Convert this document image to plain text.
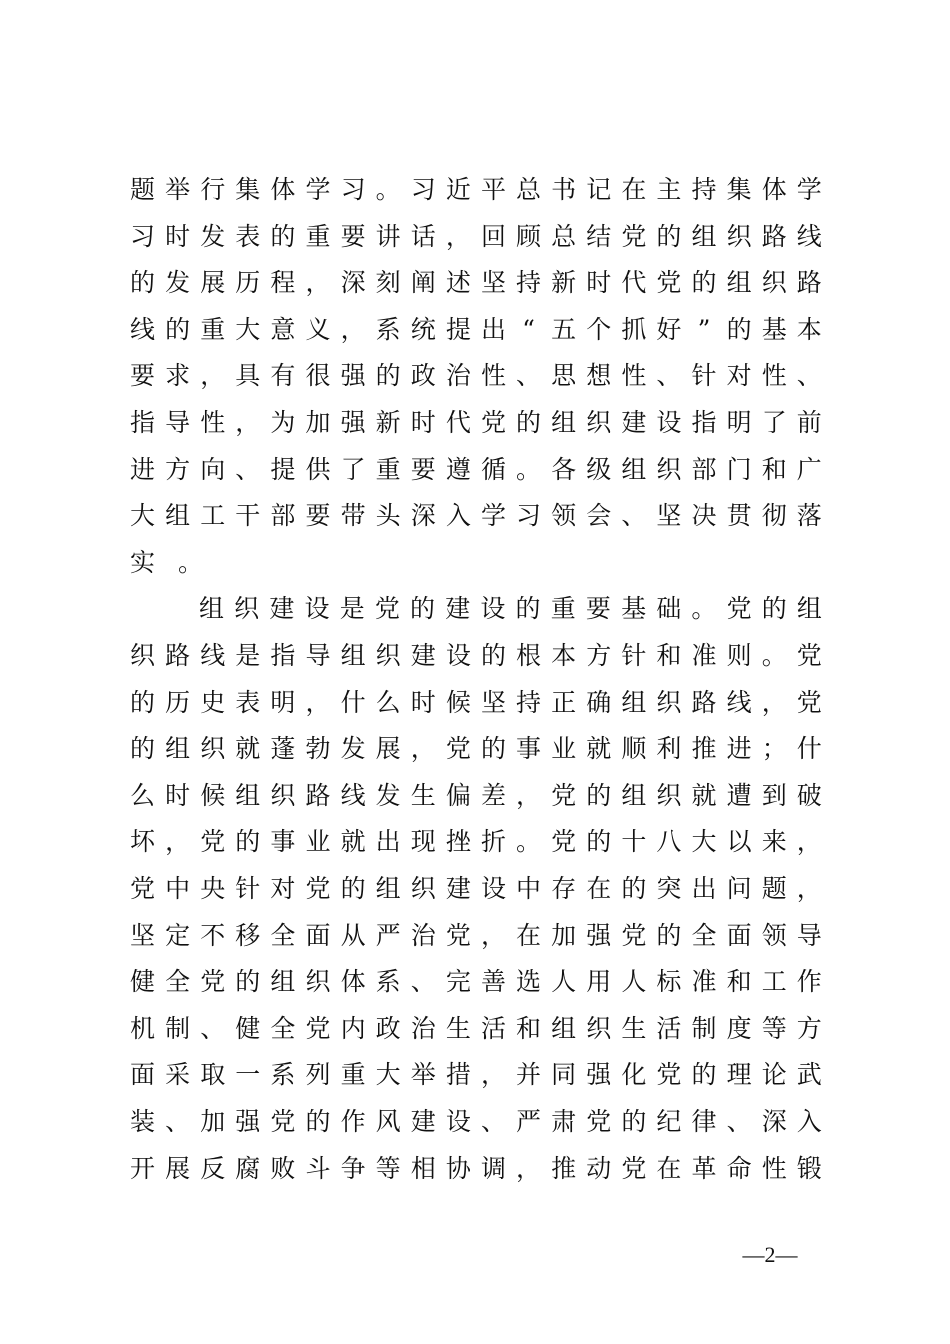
题 举 行 集 体 学 习 。 习 近 平 总 书 记 在 主 持 集 体 学
习 时 发 表 的 重 要 讲 话 ， 回 顾 总 结 党 的 组 织 路 线
的 发 展 历 程 ， 深 刻 阐 述 坚 持 新 时 代 党 的 组 织 路
线 的 重 大 意 义 ， 系 统 提 出 “ 五 个 抓 好 ” 的 基 本
要 求 ， 具 有 很 强 的 政 治 性 、 思 想 性 、 针 对 性 、
指 导 性 ， 为 加 强 新 时 代 党 的 组 织 建 设 指 明 了 前
进 方 向 、 提 供 了 重 要 遵 循 。 各 级 组 织 部 门 和 广
大 组 工 干 部 要 带 头 深 入 学 习 领 会 、 坚 决 贯 彻 落
实 。
组 织 建 设 是 党 的 建 设 的 重 要 基 础 。 党 的 组
织 路 线 是 指 导 组 织 建 设 的 根 本 方 针 和 准 则 。 党
的 历 史 表 明 ， 什 么 时 候 坚 持 正 确 组 织 路 线 ， 党
的 组 织 就 蓬 勃 发 展 ， 党 的 事 业 就 顺 利 推 进 ； 什
么 时 候 组 织 路 线 发 生 偏 差 ， 党 的 组 织 就 遭 到 破
坏 ， 党 的 事 业 就 出 现 挫 折 。 党 的 十 八 大 以 来 ，
党 中 央 针 对 党 的 组 织 建 设 中 存 在 的 突 出 问 题 ，
坚 定 不 移 全 面 从 严 治 党 ， 在 加 强 党 的 全 面 领 导
健 全 党 的 组 织 体 系 、 完 善 选 人 用 人 标 准 和 工 作
机 制 、 健 全 党 内 政 治 生 活 和 组 织 生 活 制 度 等 方
面 采 取 一 系 列 重 大 举 措 ， 并 同 强 化 党 的 理 论 武
装 、 加 强 党 的 作 风 建 设 、 严 肃 党 的 纪 律 、 深 入
开 展 反 腐 败 斗 争 等 相 协 调 ， 推 动 党 在 革 命 性 锻
—2—
